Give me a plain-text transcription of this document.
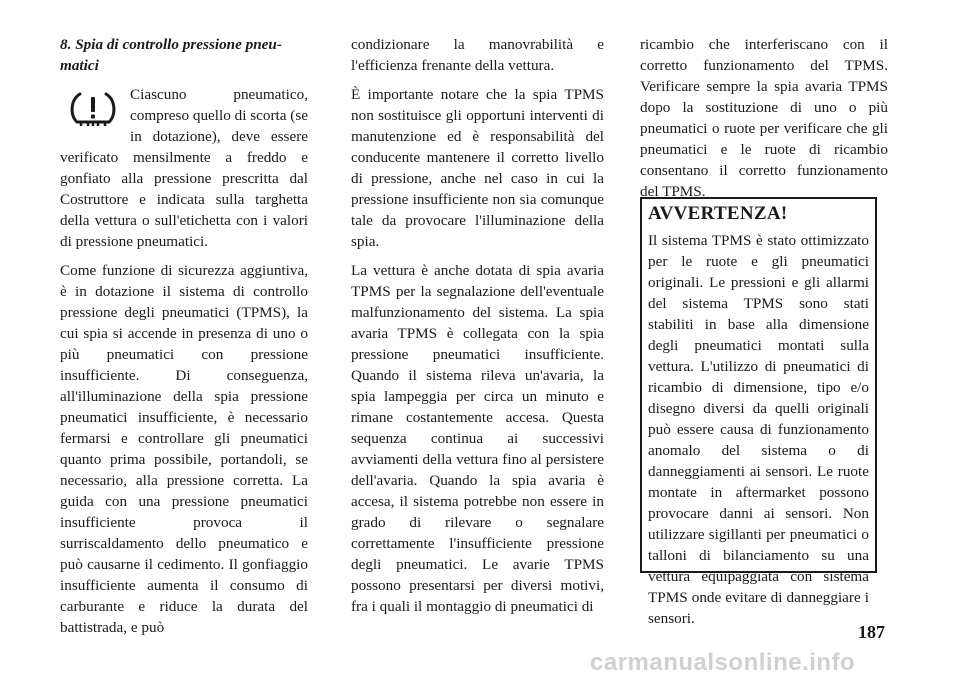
8. Spia di controllo pressione pneu-matici

Ciascuno pneumatico, compreso quello di scorta (se in dotazione), deve essere verificato mensilmente a freddo e gonfiato alla pressione prescritta dal Costruttore e indicata sulla targhetta della vettura o sull'etichetta con i valori di pressione pneumatici.

Come funzione di sicurezza aggiuntiva, è in dotazione il sistema di controllo pressione degli pneumatici (TPMS), la cui spia si accende in presenza di uno o più pneumatici con pressione insufficiente. Di conseguenza, all'illuminazione della spia pressione pneumatici insufficiente, è necessario fermarsi e controllare gli pneumatici quanto prima possibile, portandoli, se necessario, alla pressione corretta. La guida con una pressione pneumatici insufficiente provoca il surriscaldamento dello pneumatico e può causarne il cedimento. Il gonfiaggio insufficiente aumenta il consumo di carburante e riduce la durata del battistrada, e può

condizionare la manovrabilità e l'efficienza frenante della vettura.

È importante notare che la spia TPMS non sostituisce gli opportuni interventi di manutenzione ed è responsabilità del conducente mantenere il corretto livello di pressione, anche nel caso in cui la pressione insufficiente non sia comunque tale da provocare l'illuminazione della spia.

La vettura è anche dotata di spia avaria TPMS per la segnalazione dell'eventuale malfunzionamento del sistema. La spia avaria TPMS è collegata con la spia pressione pneumatici insufficiente. Quando il sistema rileva un'avaria, la spia lampeggia per circa un minuto e rimane costantemente accesa. Questa sequenza continua ai successivi avviamenti della vettura fino al persistere dell'avaria. Quando la spia avaria è accesa, il sistema potrebbe non essere in grado di rilevare o segnalare correttamente l'insufficiente pressione degli pneumatici. Le avarie TPMS possono presentarsi per diversi motivi, fra i quali il montaggio di pneumatici di

ricambio che interferiscano con il corretto funzionamento del TPMS. Verificare sempre la spia avaria TPMS dopo la sostituzione di uno o più pneumatici o ruote per verificare che gli pneumatici e le ruote di ricambio consentano il corretto funzionamento del TPMS.

AVVERTENZA!

Il sistema TPMS è stato ottimizzato per le ruote e gli pneumatici originali. Le pressioni e gli allarmi del sistema TPMS sono stati stabiliti in base alla dimensione degli pneumatici montati sulla vettura. L'utilizzo di pneumatici di ricambio di dimensione, tipo e/o disegno diversi da quelli originali può essere causa di funzionamento anomalo del sistema o di danneggiamenti ai sensori. Le ruote montate in aftermarket possono provocare danni ai sensori. Non utilizzare sigillanti per pneumatici o talloni di bilanciamento su una vettura equipaggiata con sistema TPMS onde evitare di danneggiare i sensori.

187
carmanualsonline.info
